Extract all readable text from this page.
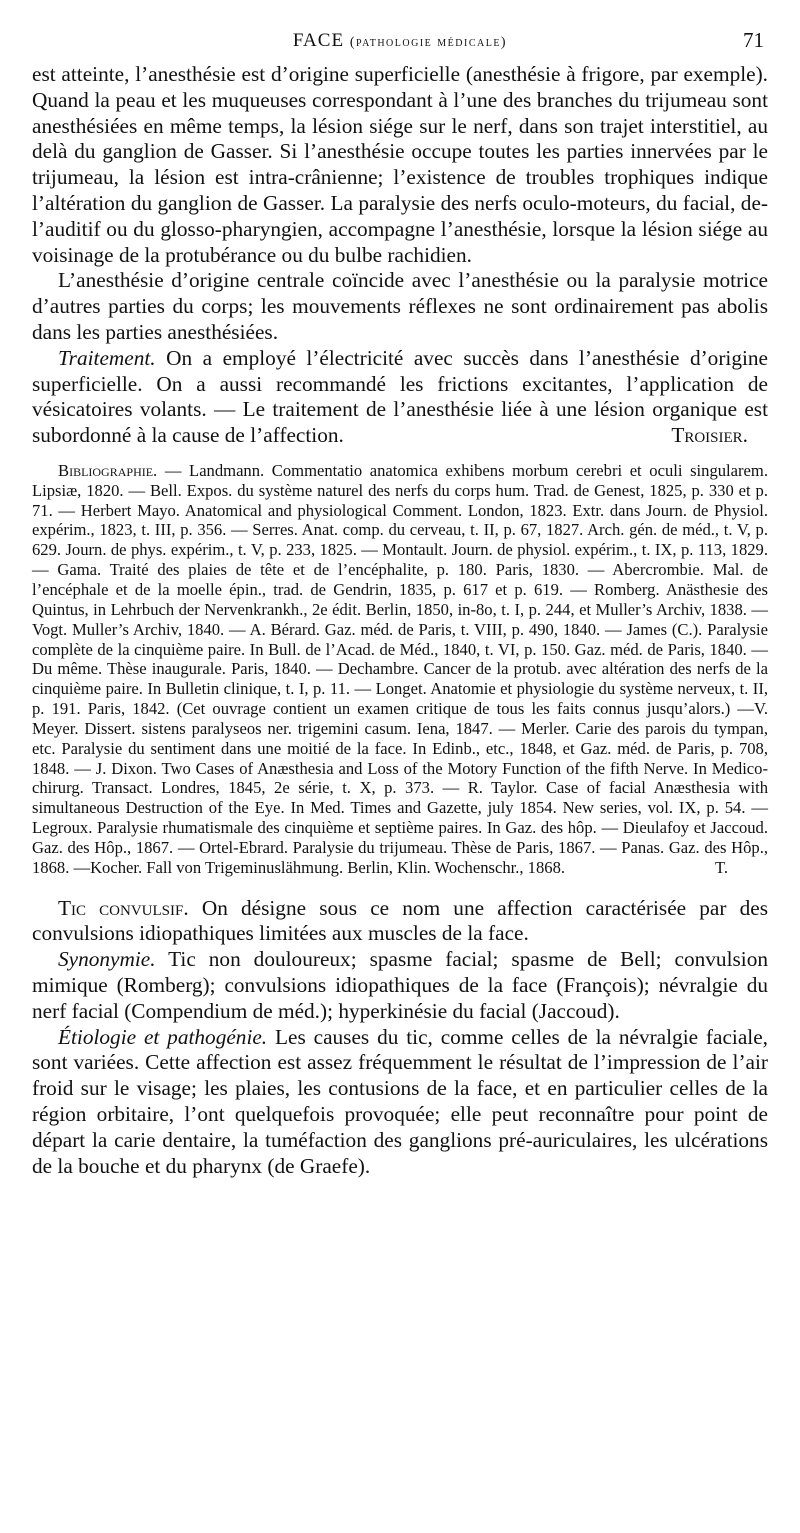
FACE (pathologie médicale)	71

est atteinte, l’anesthésie est d’origine superficielle (anesthésie à frigore, par exemple). Quand la peau et les muqueuses correspondant à l’une des branches du trijumeau sont anesthésiées en même temps, la lésion siége sur le nerf, dans son trajet interstitiel, au delà du ganglion de Gasser. Si l’anesthésie occupe toutes les parties innervées par le trijumeau, la lésion est intra-crânienne; l’existence de troubles trophiques indique l’altération du ganglion de Gasser. La paralysie des nerfs oculo-moteurs, du facial, de-l’auditif ou du glosso-pharyngien, accompagne l’anesthésie, lorsque la lésion siége au voisinage de la protubérance ou du bulbe rachidien.

L’anesthésie d’origine centrale coïncide avec l’anesthésie ou la paralysie motrice d’autres parties du corps; les mouvements réflexes ne sont ordinairement pas abolis dans les parties anesthésiées.

Traitement. On a employé l’électricité avec succès dans l’anesthésie d’origine superficielle. On a aussi recommandé les frictions excitantes, l’application de vésicatoires volants. — Le traitement de l’anesthésie liée à une lésion organique est subordonné à la cause de l’affection.	Troisier.

Bibliographie. — Landmann. Commentatio anatomica exhibens morbum cerebri et oculi singularem. Lipsiæ, 1820. — Bell. Expos. du système naturel des nerfs du corps hum. Trad. de Genest, 1825, p. 330 et p. 71. — Herbert Mayo. Anatomical and physiological Comment. London, 1823. Extr. dans Journ. de Physiol. expérim., 1823, t. III, p. 356. — Serres. Anat. comp. du cerveau, t. II, p. 67, 1827. Arch. gén. de méd., t. V, p. 629. Journ. de phys. expérim., t. V, p. 233, 1825. — Montault. Journ. de physiol. expérim., t. IX, p. 113, 1829. — Gama. Traité des plaies de tête et de l’encéphalite, p. 180. Paris, 1830. — Abercrombie. Mal. de l’encéphale et de la moelle épin., trad. de Gendrin, 1835, p. 617 et p. 619. — Romberg. Anästhesie des Quintus, in Lehrbuch der Nervenkrankh., 2e édit. Berlin, 1850, in-8o, t. I, p. 244, et Muller’s Archiv, 1838. — Vogt. Muller’s Archiv, 1840. — A. Bérard. Gaz. méd. de Paris, t. VIII, p. 490, 1840. — James (C.). Paralysie complète de la cinquième paire. In Bull. de l’Acad. de Méd., 1840, t. VI, p. 150. Gaz. méd. de Paris, 1840. — Du même. Thèse inaugurale. Paris, 1840. — Dechambre. Cancer de la protub. avec altération des nerfs de la cinquième paire. In Bulletin clinique, t. I, p. 11. — Longet. Anatomie et physiologie du système nerveux, t. II, p. 191. Paris, 1842. (Cet ouvrage contient un examen critique de tous les faits connus jusqu’alors.) —V. Meyer. Dissert. sistens paralyseos ner. trigemini casum. Iena, 1847. — Merler. Carie des parois du tympan, etc. Paralysie du sentiment dans une moitié de la face. In Edinb., etc., 1848, et Gaz. méd. de Paris, p. 708, 1848. — J. Dixon. Two Cases of Anæsthesia and Loss of the Motory Function of the fifth Nerve. In Medico-chirurg. Transact. Londres, 1845, 2e série, t. X, p. 373. — R. Taylor. Case of facial Anæsthesia with simultaneous Destruction of the Eye. In Med. Times and Gazette, july 1854. New series, vol. IX, p. 54. — Legroux. Paralysie rhumatismale des cinquième et septième paires. In Gaz. des hôp. — Dieulafoy et Jaccoud. Gaz. des Hôp., 1867. — Ortel-Ebrard. Paralysie du trijumeau. Thèse de Paris, 1867. — Panas. Gaz. des Hôp., 1868. —Kocher. Fall von Trigeminuslähmung. Berlin, Klin. Wochenschr., 1868.	T.

Tic convulsif. On désigne sous ce nom une affection caractérisée par des convulsions idiopathiques limitées aux muscles de la face.

Synonymie. Tic non douloureux; spasme facial; spasme de Bell; convulsion mimique (Romberg); convulsions idiopathiques de la face (François); névralgie du nerf facial (Compendium de méd.); hyperkinésie du facial (Jaccoud).

Étiologie et pathogénie. Les causes du tic, comme celles de la névralgie faciale, sont variées. Cette affection est assez fréquemment le résultat de l’impression de l’air froid sur le visage; les plaies, les contusions de la face, et en particulier celles de la région orbitaire, l’ont quelquefois provoquée; elle peut reconnaître pour point de départ la carie dentaire, la tuméfaction des ganglions pré-auriculaires, les ulcérations de la bouche et du pharynx (de Graefe).
